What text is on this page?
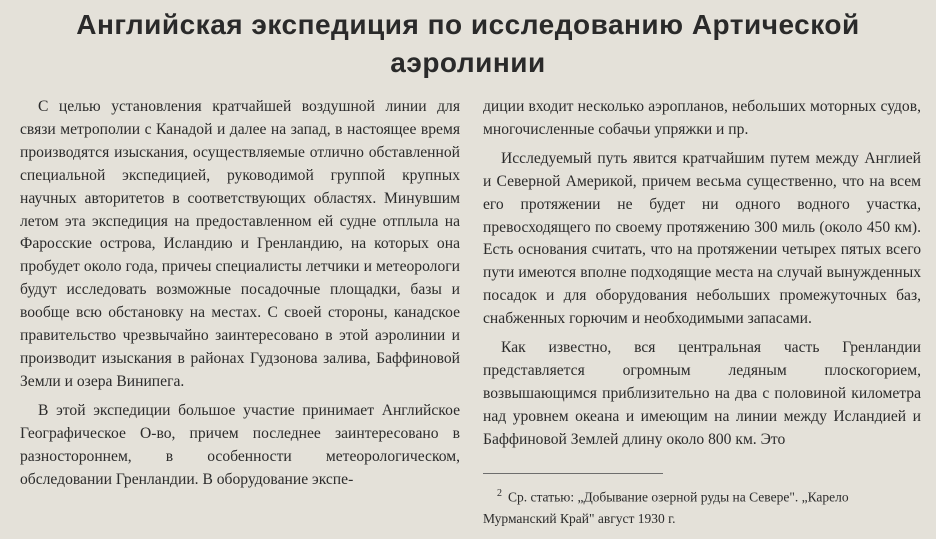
Английская экспедиция по исследованию Артической
аэролинии

С целью установления кратчайшей воздушной линии для связи метрополии с Канадой и далее на запад, в настоящее время производятся изыскания, осуществляемые отлично обставленной специальной экспедицией, руководимой группой крупных научных авторитетов в соответствующих областях. Минувшим летом эта экспедиция на предоставленном ей судне отплыла на Фаросские острова, Исландию и Гренландию, на которых она пробудет около года, причеы специалисты летчики и метеорологи будут исследовать возможные посадочные площадки, базы и вообще всю обстановку на местах. С своей стороны, канадское правительство чрезвычайно заинтересовано в этой аэролинии и производит изыскания в районах Гудзонова залива, Баффиновой Земли и озера Винипега.

В этой экспедиции большое участие принимает Английское Географическое О-во, причем последнее заинтересовано в разностороннем, в особенности метеорологическом, обследовании Гренландии. В оборудование экспе-

диции входит несколько аэропланов, небольших моторных судов, многочисленные собачьи упряжки и пр.

Исследуемый путь явится кратчайшим путем между Англией и Северной Америкой, причем весьма существенно, что на всем его протяжении не будет ни одного водного участка, превосходящего по своему протяжению 300 миль (около 450 км). Есть основания считать, что на протяжении четырех пятых всего пути имеются вполне подходящие места на случай вынужденных посадок и для оборудования небольших промежуточных баз, снабженных горючим и необходимыми запасами.

Как известно, вся центральная часть Гренландии представляется огромным ледяным плоскогорием, возвышающимся приблизительно на два с половиной километра над уровнем океана и имеющим на линии между Исландией и Баффиновой Землей длину около 800 км. Это

$^2$ Ср. статью: „Добывание озерной руды на Севере". „Карело Мурманский Край" август 1930 г.
